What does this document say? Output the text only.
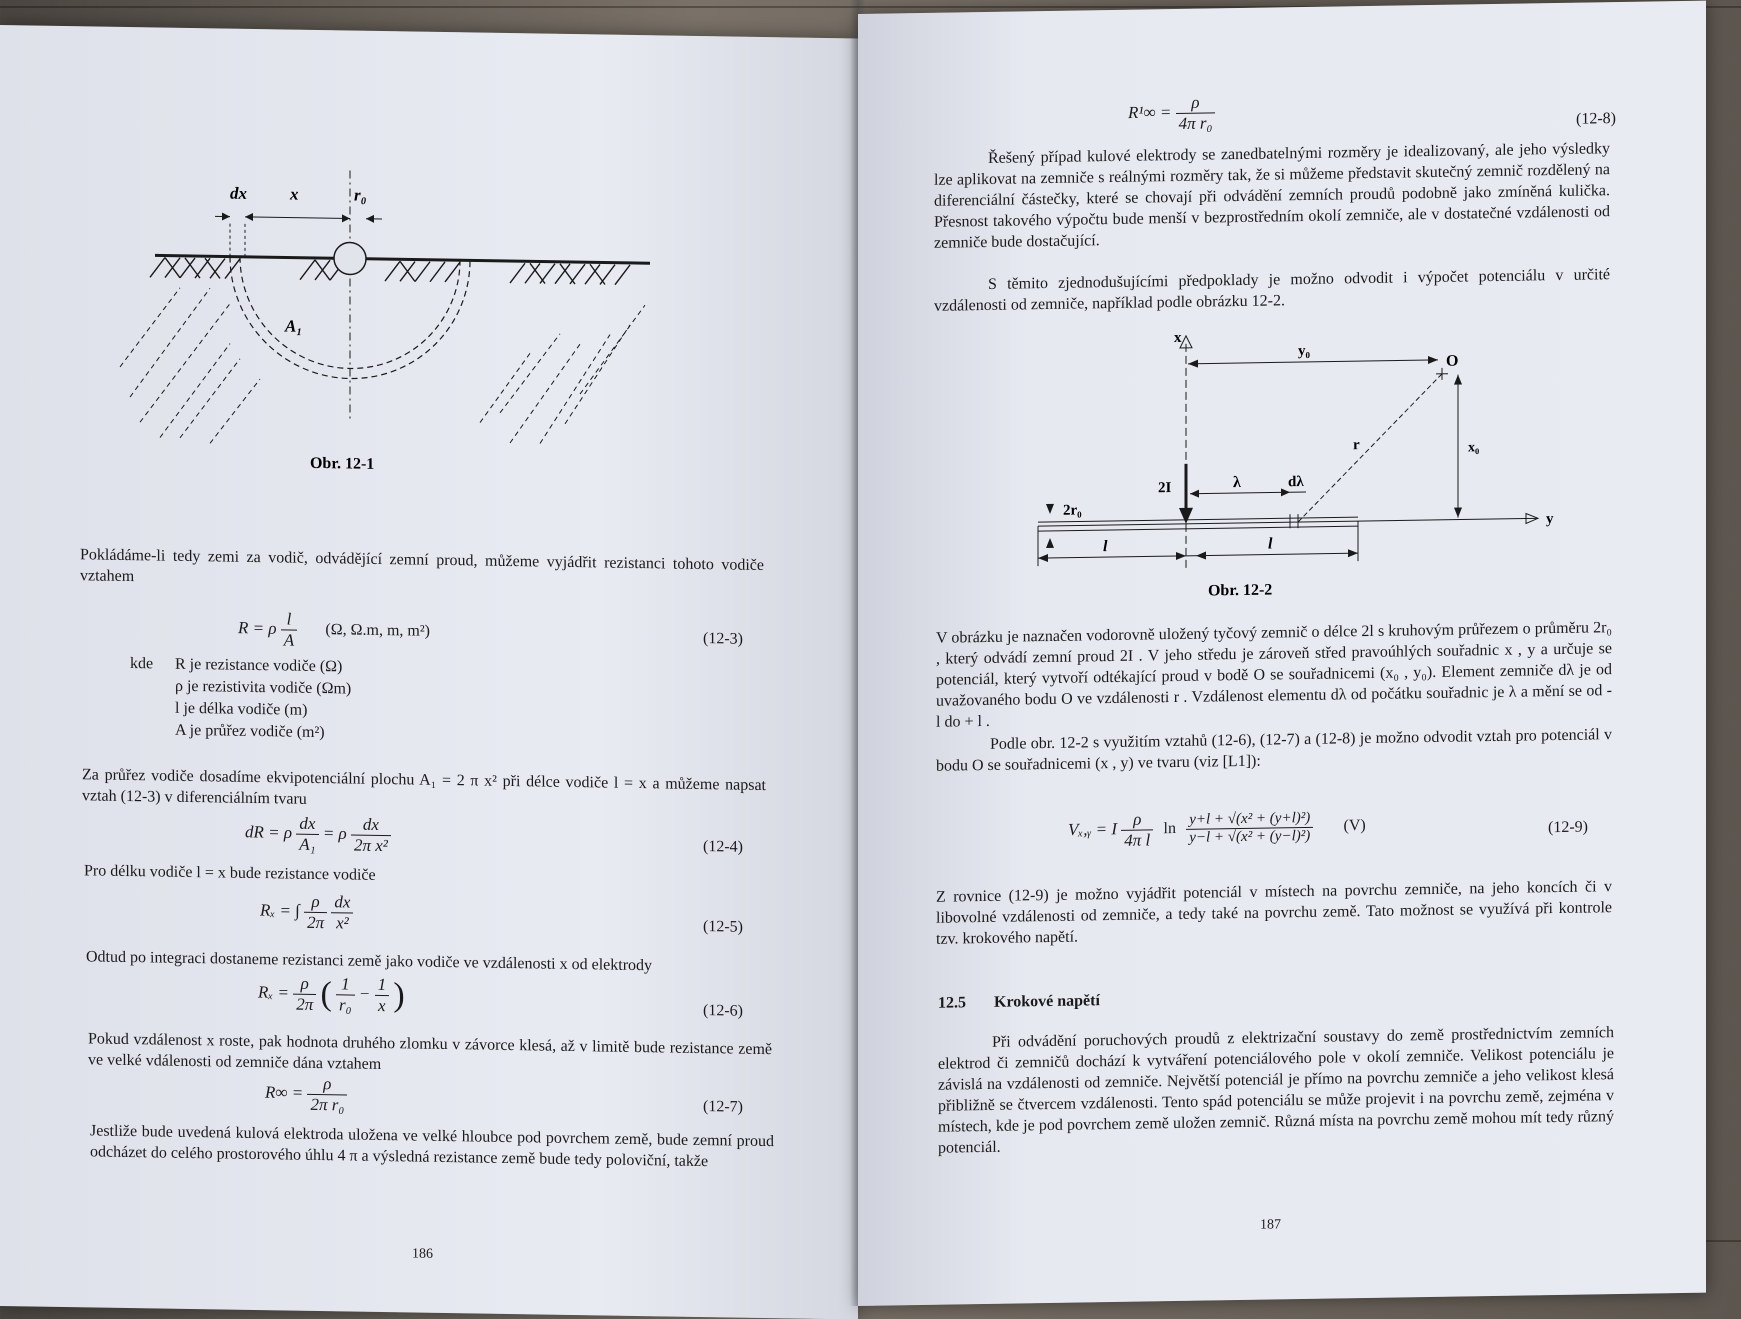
dx	x	r₀
A₁
Obr. 12-1
Pokládáme-li tedy zemi za vodič, odvádějící zemní proud, můžeme vyjádřit rezistanci tohoto vodiče vztahem
R = ρ $\frac{l}{A} (\Omega$, Ω.m, m, m²)	(12-3)
kde R je rezistance vodiče (Ω)
ρ je rezistivita vodiče (Ωm)
l je délka vodiče (m)
A je průřez vodiče (m²)
Za průřez vodiče dosadíme ekvipotenciální plochu A₁ = 2 π x² při délce vodiče l = x a můžeme napsat vztah (12-3) v diferenciálním tvaru
dR = ρ $\frac{dx}{\text{A₁}} = \rho \frac{dx}{\text{2π x²}}$	(12-4)
Pro délku vodiče l = x bude rezistance vodiče
Rₓ = ∫ $\frac{\rho}{2\pi}$
$\frac{dx}{\text{x²}}$	(12-5)
Odtud po integraci dostaneme rezistanci země jako vodiče ve vzdálenosti x od elektrody
$R_x = \frac{\rho}{2\pi}$ ( $\frac{1}{\text{r₀}} - \frac{1}{x}$ )	(12-6)
Pokud vzdálenost x roste, pak hodnota druhého zlomku v závorce klesá, až v limitě bude rezistance země ve velké vdálenosti od zemniče dána vztahem
$R\infty = \frac{\rho}{\text{2π r₀}}$	(12-7)
Jestliže bude uvedená kulová elektroda uložena ve velké hloubce pod povrchem země, bude zemní proud odcházet do celého prostorového úhlu 4 π a výsledná rezistance země bude tedy poloviční, takže
186
$R^1\infty = \frac{\rho}{\text{4π r₀}}$	(12-8)
Řešený případ kulové elektrody se zanedbatelnými rozměry je idealizovaný, ale jeho výsledky lze aplikovat na zemniče s reálnými rozměry tak, že si můžeme představit skutečný zemnič rozdělený na diferenciální částečky, které se chovají při odvádění zemních proudů podobně jako zmíněná kulička. Přesnost takového výpočtu bude menší v bezprostředním okolí zemniče, ale v dostatečné vzdálenosti od zemniče bude dostačující.
S těmito zjednodušujícími předpoklady je možno odvodit i výpočet potenciálu v určité vzdálenosti od zemniče, například podle obrázku 12-2.
x
y₀
O
r	x₀
2I	λ	dλ
2r₀
l	l
y
Obr. 12-2
V obrázku je naznačen vodorovně uložený tyčový zemnič o délce 2l s kruhovým průřezem o průměru 2r₀ , který odvádí zemní proud 2I . V jeho středu je zároveň střed pravoúhlých souřadnic x , y a určuje se potenciál, který vytvoří odtékající proud v bodě O se souřadnicemi (x₀ , y₀). Element zemniče dλ je od uvažovaného bodu O ve vzdálenosti r . Vzdálenost elementu dλ od počátku souřadnic je λ a mění se od - l do + l .
Podle obr. 12-2 s využitím vztahů (12-6), (12-7) a (12-8) je možno odvodit vztah pro potenciál v bodu O se souřadnicemi (x , y) ve tvaru (viz [L1]):
Vₓ,ᵧ = I $\frac{\rho}{\text{4π l}}$ $\ln \frac{\text{y+l + √(x² + (y+l)²)}}{\text{y−l + √(x² + (y−l)²)}} (V)$	(12-9)
Z rovnice (12-9) je možno vyjádřit potenciál v místech na povrchu zemniče, na jeho koncích či v libovolné vzdálenosti od zemniče, a tedy také na povrchu země. Tato možnost se využívá při kontrole tzv. krokového napětí.
12.5 Krokové napětí
Při odvádění poruchových proudů z elektrizační soustavy do země prostřednictvím zemních elektrod či zemničů dochází k vytváření potenciálového pole v okolí zemniče. Velikost potenciálu je závislá na vzdálenosti od zemniče. Největší potenciál je přímo na povrchu zemniče a jeho velikost klesá přibližně se čtvercem vzdálenosti. Tento spád potenciálu se může projevit i na povrchu země, zejména v místech, kde je pod povrchem země uložen zemnič. Různá místa na povrchu země mohou mít tedy různý potenciál.
187
